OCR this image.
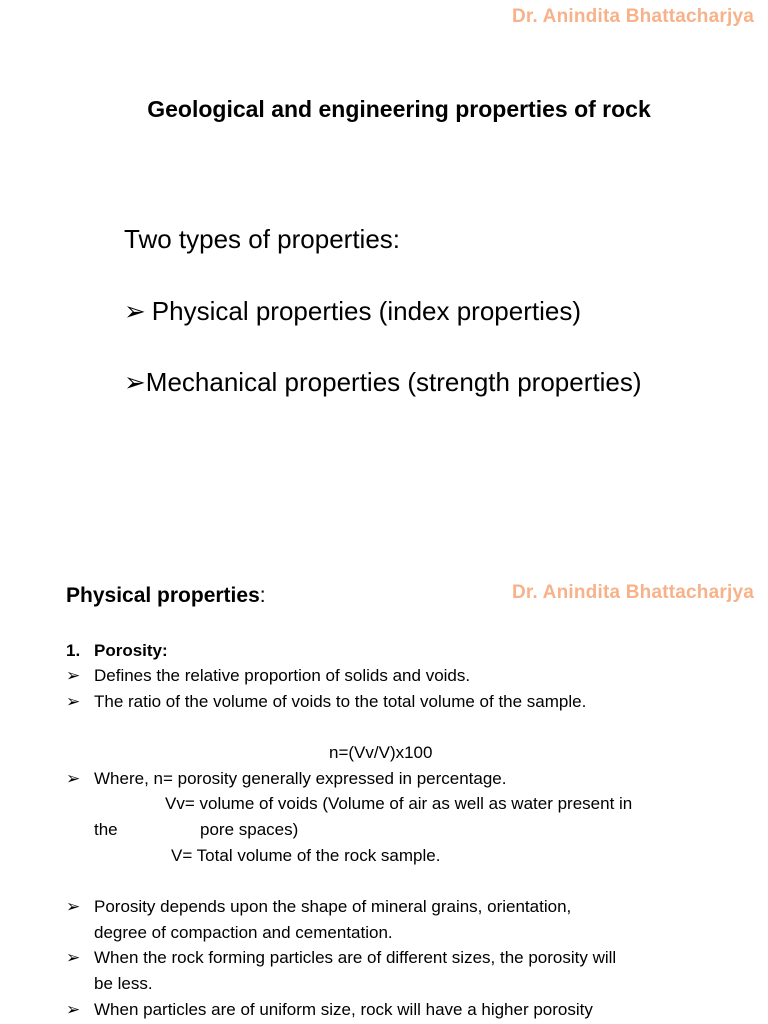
Dr. Anindita Bhattacharjya
Geological and engineering properties of rock
Two types of properties:
➢ Physical properties (index properties)
➢Mechanical properties (strength properties)
Dr. Anindita Bhattacharjya
Physical properties:
1. Porosity:
➢ Defines the relative proportion of solids and voids.
➢ The ratio of the volume of voids to the total volume of the sample.
n=(Vv/V)x100
➢ Where, n= porosity generally expressed in percentage.
Vv= volume of voids (Volume of air as well as water present in
the	pore spaces)
V= Total volume of the rock sample.
➢ Porosity depends upon the shape of mineral grains, orientation,
degree of compaction and cementation.
➢ When the rock forming particles are of different sizes, the porosity will
be less.
➢ When particles are of uniform size, rock will have a higher porosity
